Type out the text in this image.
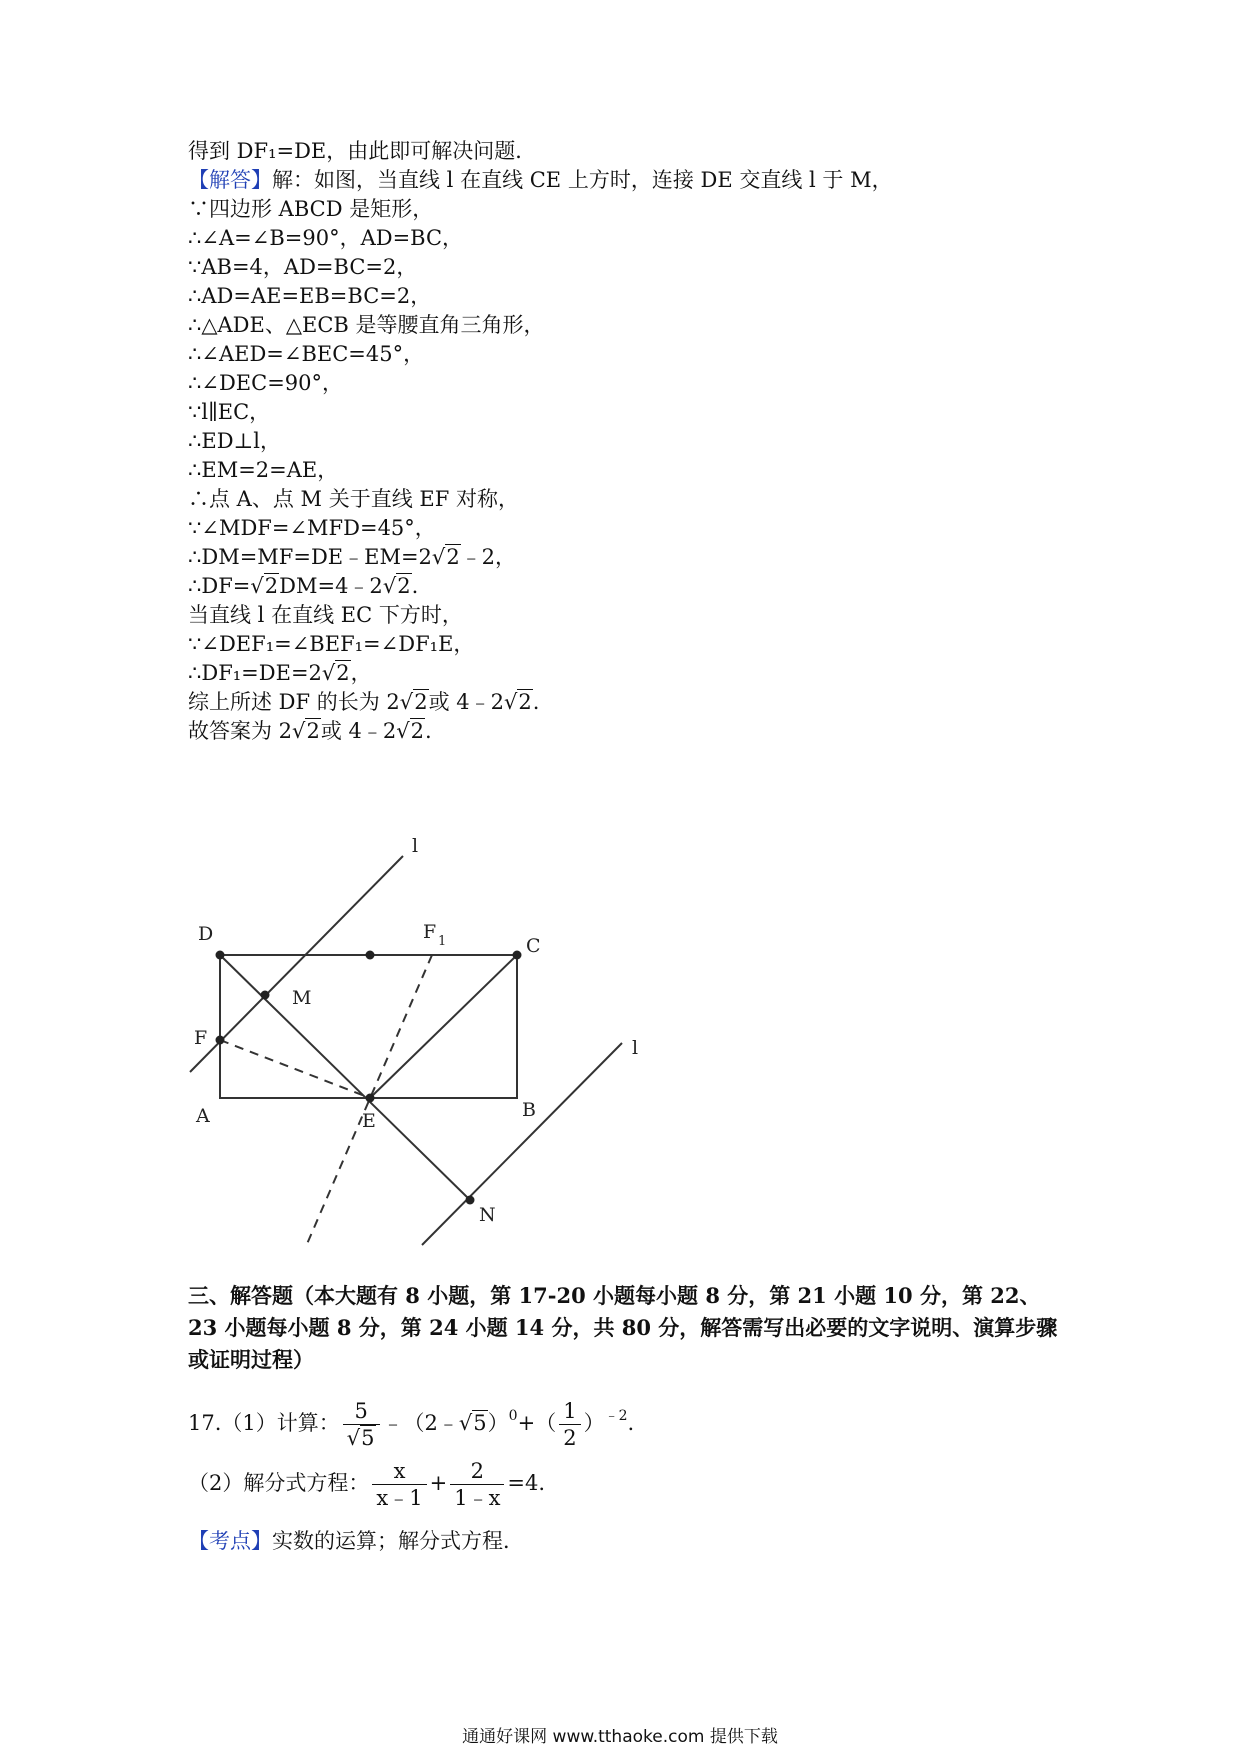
得到 DF₁=DE，由此即可解决问题．
【解答】解：如图，当直线 l 在直线 CE 上方时，连接 DE 交直线 l 于 M，
∵四边形 ABCD 是矩形，
∴∠A=∠B=90°，AD=BC，
∵AB=4，AD=BC=2，
∴AD=AE=EB=BC=2，
∴△ADE、△ECB 是等腰直角三角形，
∴∠AED=∠BEC=45°，
∴∠DEC=90°，
∵l∥EC，
∴ED⊥l，
∴EM=2=AE，
∴点 A、点 M 关于直线 EF 对称，
∵∠MDF=∠MFD=45°，
∴DM=MF=DE﹣EM=2√2﹣2，
∴DF=√2DM=4﹣2√2.
当直线 l 在直线 EC 下方时，
∵∠DEF₁=∠BEF₁=∠DF₁E，
∴DF₁=DE=2√2，
综上所述 DF 的长为 2√2或 4﹣2√2.
故答案为 2√2或 4﹣2√2.
l
D	F 1	C
M
F	l
A	E	B
N
三、解答题（本大题有 8 小题，第 17-20 小题每小题 8 分，第 21 小题 10 分，第 22、23 小题每小题 8 分，第 24 小题 14 分，共 80 分，解答需写出必要的文字说明、演算步骤或证明过程）
17.（1）计算： $\frac{5}{√5}$ ﹣（2﹣√5）$^0$+（ $\frac{1}{2} )^{﹣2}$.
（2）解分式方程： $\frac{x}{x﹣1} + \frac{2}{1﹣x} =4$.
【考点】实数的运算；解分式方程．
通通好课网 www.tthaoke.com 提供下载
